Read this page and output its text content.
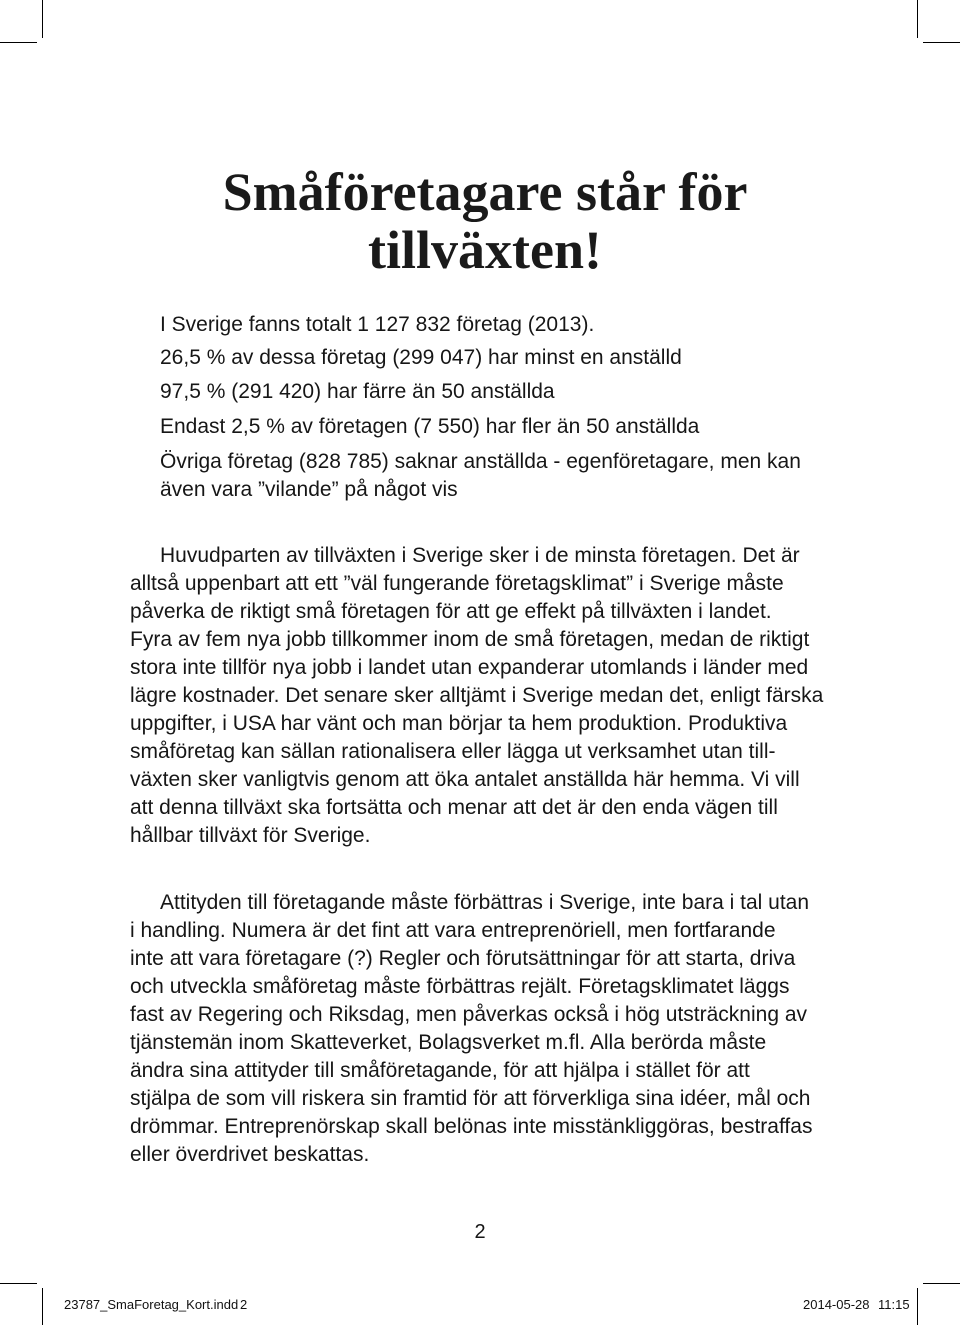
Småföretagare står för
tillväxten!
I Sverige fanns totalt 1 127 832 företag (2013).
26,5 % av dessa företag (299 047) har minst en anställd
97,5 % (291 420) har färre än 50 anställda
Endast 2,5 % av företagen (7 550) har fler än 50 anställda
Övriga företag (828 785) saknar anställda - egenföretagare, men kan
även vara ”vilande” på något vis
Huvudparten av tillväxten i Sverige sker i de minsta företagen. Det är
alltså uppenbart att ett ”väl fungerande företagsklimat” i Sverige måste
påverka de riktigt små företagen för att ge effekt på tillväxten i landet.
Fyra av fem nya jobb tillkommer inom de små företagen, medan de riktigt
stora inte tillför nya jobb i landet utan expanderar utomlands i länder med
lägre kostnader. Det senare sker alltjämt i Sverige medan det, enligt färska
uppgifter, i USA har vänt och man börjar ta hem produktion. Produktiva
småföretag kan sällan rationalisera eller lägga ut verksamhet utan till-
växten sker vanligtvis genom att öka antalet anställda här hemma. Vi vill
att denna tillväxt ska fortsätta och menar att det är den enda vägen till
hållbar tillväxt för Sverige.
Attityden till företagande måste förbättras i Sverige, inte bara i tal utan
i handling. Numera är det fint att vara entreprenöriell, men fortfarande
inte att vara företagare (?) Regler och förutsättningar för att starta, driva
och utveckla småföretag måste förbättras rejält. Företagsklimatet läggs
fast av Regering och Riksdag, men påverkas också i hög utsträckning av
tjänstemän inom Skatteverket, Bolagsverket m.fl. Alla berörda måste
ändra sina attityder till småföretagande, för att hjälpa i stället för att
stjälpa de som vill riskera sin framtid för att förverkliga sina idéer, mål och
drömmar. Entreprenörskap skall belönas inte misstänkliggöras, bestraffas
eller överdrivet beskattas.
2
23787_SmaForetag_Kort.indd 2	2014-05-28 11:15
